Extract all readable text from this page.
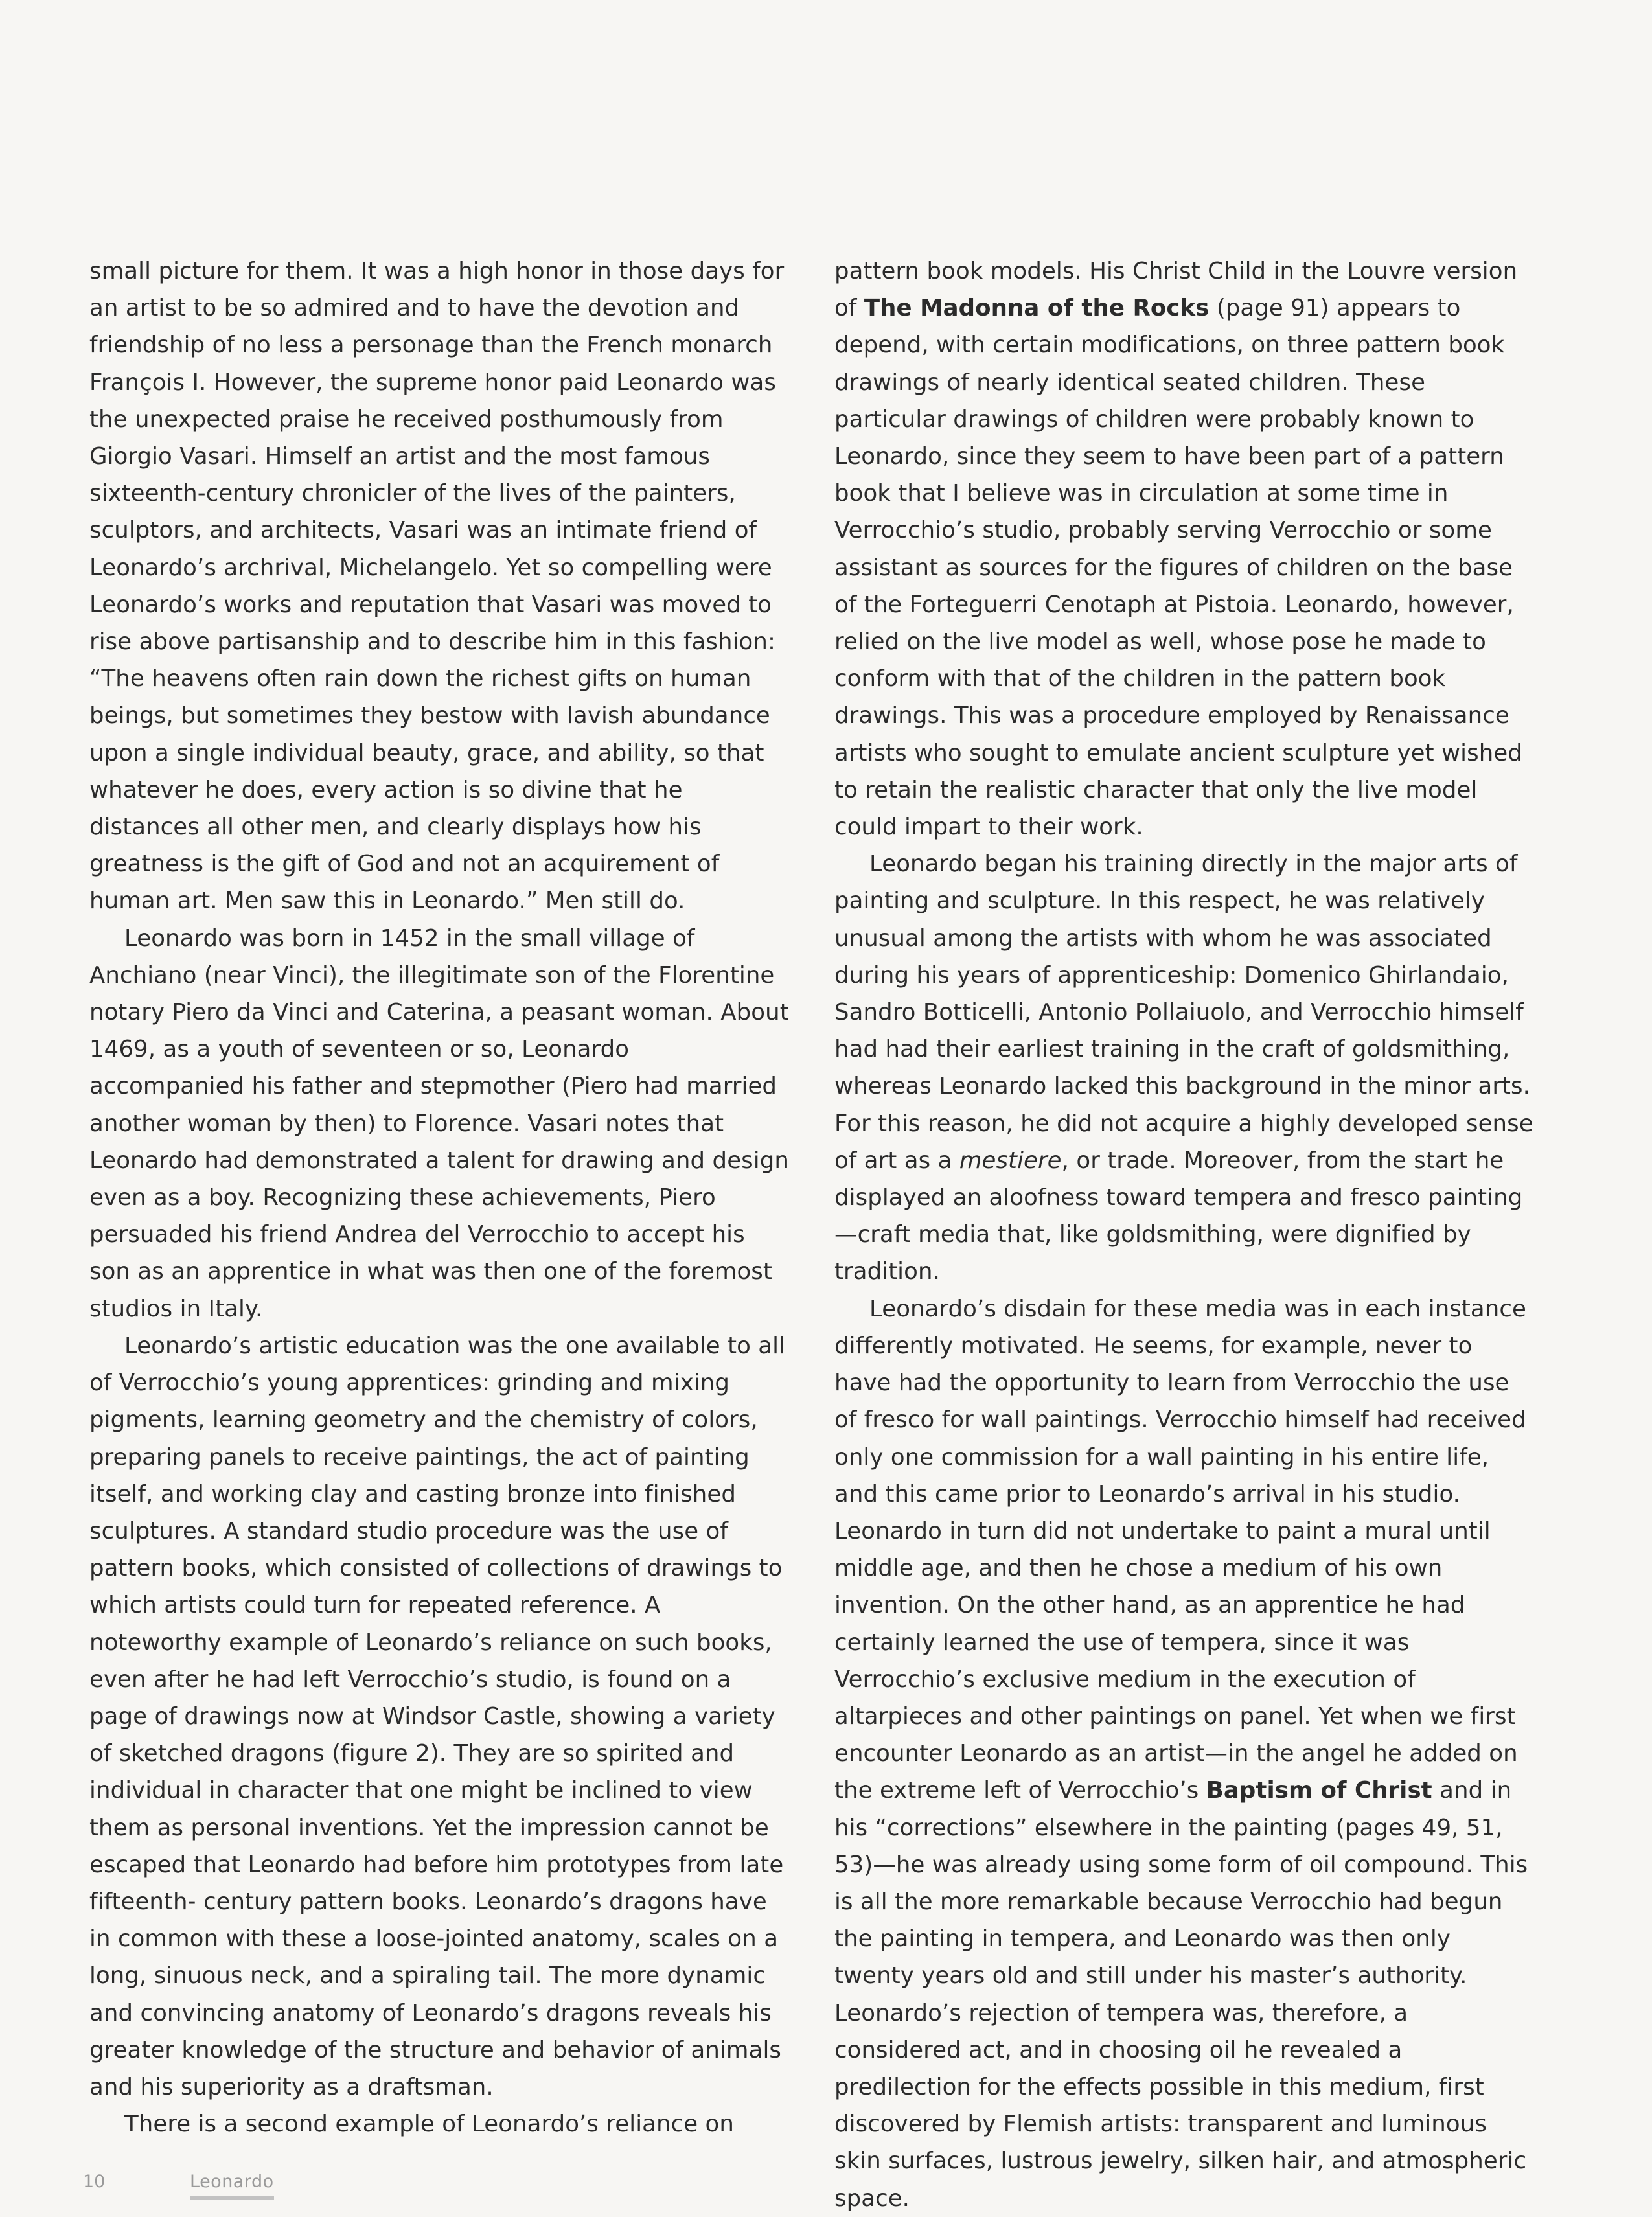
small picture for them. It was a high honor in those days for an artist to be so admired and to have the devotion and friendship of no less a personage than the French monarch François I. However, the supreme honor paid Leonardo was the unexpected praise he received posthumously from Giorgio Vasari. Himself an artist and the most famous sixteenth-century chronicler of the lives of the painters, sculptors, and architects, Vasari was an intimate friend of Leonardo’s archrival, Michelangelo. Yet so compelling were Leonardo’s works and reputation that Vasari was moved to rise above partisanship and to describe him in this fashion: “The heavens often rain down the richest gifts on human beings, but sometimes they bestow with lavish abundance upon a single individual beauty, grace, and ability, so that whatever he does, every action is so divine that he distances all other men, and clearly displays how his greatness is the gift of God and not an acquirement of human art. Men saw this in Leonardo.” Men still do.

Leonardo was born in 1452 in the small village of Anchiano (near Vinci), the illegitimate son of the Florentine notary Piero da Vinci and Caterina, a peasant woman. About 1469, as a youth of seventeen or so, Leonardo accompanied his father and stepmother (Piero had married another woman by then) to Florence. Vasari notes that Leonardo had demonstrated a talent for drawing and design even as a boy. Recognizing these achievements, Piero persuaded his friend Andrea del Verrocchio to accept his son as an apprentice in what was then one of the foremost studios in Italy.

Leonardo’s artistic education was the one available to all of Verrocchio’s young apprentices: grinding and mixing pigments, learning geometry and the chemistry of colors, preparing panels to receive paintings, the act of painting itself, and working clay and casting bronze into finished sculptures. A standard studio procedure was the use of pattern books, which consisted of collections of drawings to which artists could turn for repeated reference. A noteworthy example of Leonardo’s reliance on such books, even after he had left Verrocchio’s studio, is found on a page of drawings now at Windsor Castle, showing a variety of sketched dragons (figure 2). They are so spirited and individual in character that one might be inclined to view them as personal inventions. Yet the impression cannot be escaped that Leonardo had before him prototypes from late fifteenth- century pattern books. Leonardo’s dragons have in common with these a loose-jointed anatomy, scales on a long, sinuous neck, and a spiraling tail. The more dynamic and convincing anatomy of Leonardo’s dragons reveals his greater knowledge of the structure and behavior of animals and his superiority as a draftsman.

There is a second example of Leonardo’s reliance on

pattern book models. His Christ Child in the Louvre version of The Madonna of the Rocks (page 91) appears to depend, with certain modifications, on three pattern book drawings of nearly identical seated children. These particular drawings of children were probably known to Leonardo, since they seem to have been part of a pattern book that I believe was in circulation at some time in Verrocchio’s studio, probably serving Verrocchio or some assistant as sources for the figures of children on the base of the Forteguerri Cenotaph at Pistoia. Leonardo, however, relied on the live model as well, whose pose he made to conform with that of the children in the pattern book drawings. This was a procedure employed by Renaissance artists who sought to emulate ancient sculpture yet wished to retain the realistic character that only the live model could impart to their work.

Leonardo began his training directly in the major arts of painting and sculpture. In this respect, he was relatively unusual among the artists with whom he was associated during his years of apprenticeship: Domenico Ghirlandaio, Sandro Botticelli, Antonio Pollaiuolo, and Verrocchio himself had had their earliest training in the craft of goldsmithing, whereas Leonardo lacked this background in the minor arts. For this reason, he did not acquire a highly developed sense of art as a mestiere, or trade. Moreover, from the start he displayed an aloofness toward tempera and fresco painting—craft media that, like goldsmithing, were dignified by tradition.

Leonardo’s disdain for these media was in each instance differently motivated. He seems, for example, never to have had the opportunity to learn from Verrocchio the use of fresco for wall paintings. Verrocchio himself had received only one commission for a wall painting in his entire life, and this came prior to Leonardo’s arrival in his studio. Leonardo in turn did not undertake to paint a mural until middle age, and then he chose a medium of his own invention. On the other hand, as an apprentice he had certainly learned the use of tempera, since it was Verrocchio’s exclusive medium in the execution of altarpieces and other paintings on panel. Yet when we first encounter Leonardo as an artist—in the angel he added on the extreme left of Verrocchio’s Baptism of Christ and in his “corrections” elsewhere in the painting (pages 49, 51, 53)—he was already using some form of oil compound. This is all the more remarkable because Verrocchio had begun the painting in tempera, and Leonardo was then only twenty years old and still under his master’s authority. Leonardo’s rejection of tempera was, therefore, a considered act, and in choosing oil he revealed a predilection for the effects possible in this medium, first discovered by Flemish artists: transparent and luminous skin surfaces, lustrous jewelry, silken hair, and atmospheric space.

10	Leonardo
